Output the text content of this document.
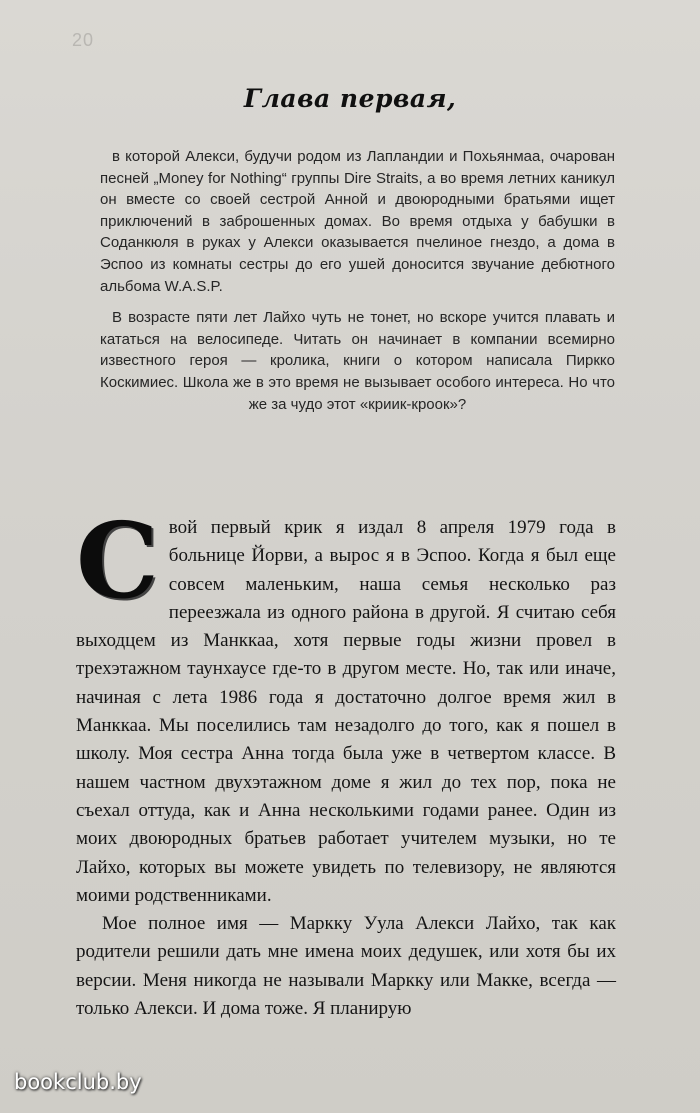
20
Глава первая,

в которой Алекси, будучи родом из Лапландии и Похьянмаа, очарован песней „Money for Nothing“ группы Dire Straits, а во время летних каникул он вместе со своей сестрой Анной и двоюродными братьями ищет приключений в заброшенных домах. Во время отдыха у бабушки в Соданкюля в руках у Алекси оказывается пчелиное гнездо, а дома в Эспоо из комнаты сестры до его ушей доносится звучание дебютного альбома W.A.S.P.

В возрасте пяти лет Лайхо чуть не тонет, но вскоре учится плавать и кататься на велосипеде. Читать он начинает в компании всемирно известного героя — кролика, книги о котором написала Пиркко Коскимиес. Школа же в это время не вызывает особого интереса. Но что же за чудо этот «криик-кроок»?

Свой первый крик я издал 8 апреля 1979 года в больнице Йорви, а вырос я в Эспоо. Когда я был еще совсем маленьким, наша семья несколько раз переезжала из одного района в другой. Я считаю себя выходцем из Манккаа, хотя первые годы жизни провел в трехэтажном таунхаусе где-то в другом месте. Но, так или иначе, начиная с лета 1986 года я достаточно долгое время жил в Манккаа. Мы поселились там незадолго до того, как я пошел в школу. Моя сестра Анна тогда была уже в четвертом классе. В нашем частном двухэтажном доме я жил до тех пор, пока не съехал оттуда, как и Анна несколькими годами ранее. Один из моих двоюродных братьев работает учителем музыки, но те Лайхо, которых вы можете увидеть по телевизору, не являются моими родственниками.

Мое полное имя — Маркку Уула Алекси Лайхо, так как родители решили дать мне имена моих дедушек, или хотя бы их версии. Меня никогда не называли Маркку или Макке, всегда — только Алекси. И дома тоже. Я планирую

bookclub.by
